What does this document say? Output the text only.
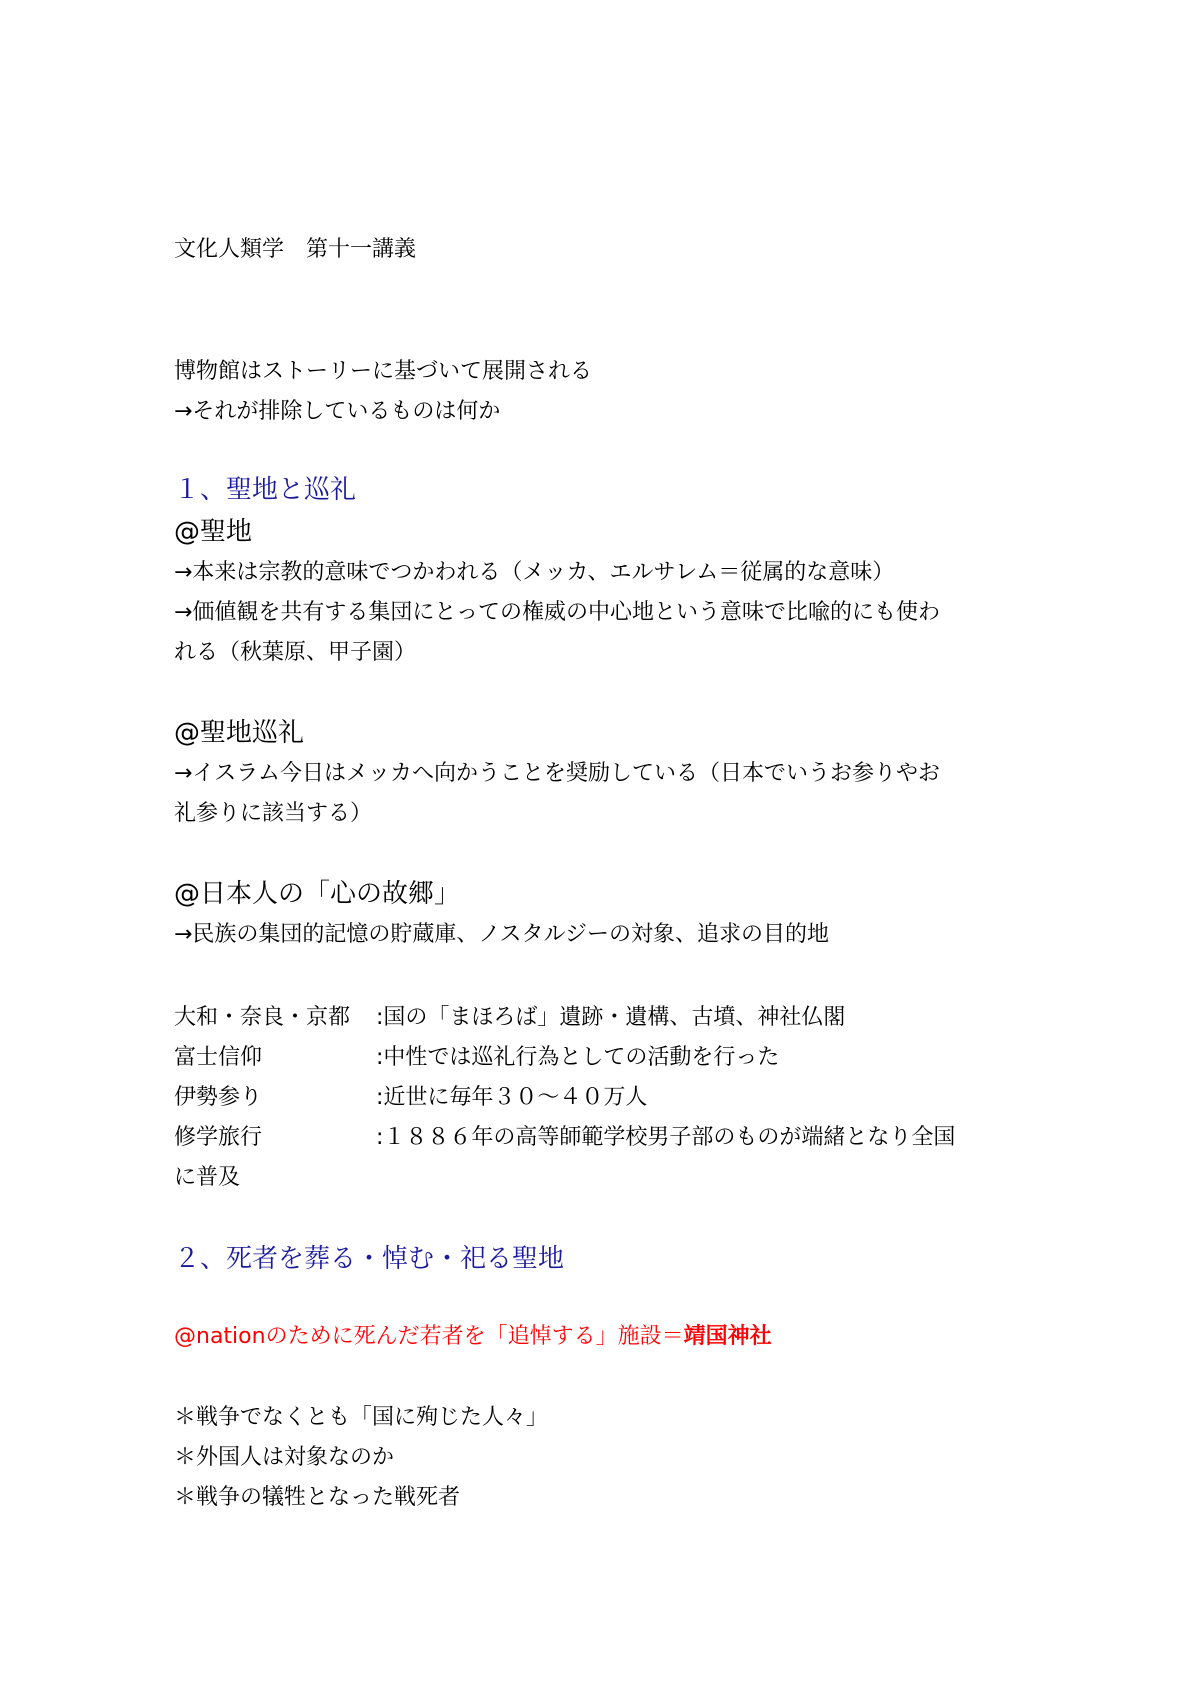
文化人類学　第十一講義

博物館はストーリーに基づいて展開される

→それが排除しているものは何か

１、聖地と巡礼

@聖地

→本来は宗教的意味でつかわれる（メッカ、エルサレム＝従属的な意味）

→価値観を共有する集団にとっての権威の中心地という意味で比喩的にも使わ

れる（秋葉原、甲子園）

@聖地巡礼

→イスラム今日はメッカへ向かうことを奨励している（日本でいうお参りやお

礼参りに該当する）

@日本人の「心の故郷」

→民族の集団的記憶の貯蔵庫、ノスタルジーの対象、追求の目的地

大和・奈良・京都 :国の「まほろば」遺跡・遺構、古墳、神社仏閣

富士信仰	:中性では巡礼行為としての活動を行った

伊勢参り	:近世に毎年３０～４０万人

修学旅行	:１８８６年の高等師範学校男子部のものが端緒となり全国

に普及

２、死者を葬る・悼む・祀る聖地

@nationのために死んだ若者を「追悼する」施設＝靖国神社

＊戦争でなくとも「国に殉じた人々」

＊外国人は対象なのか

＊戦争の犠牲となった戦死者
